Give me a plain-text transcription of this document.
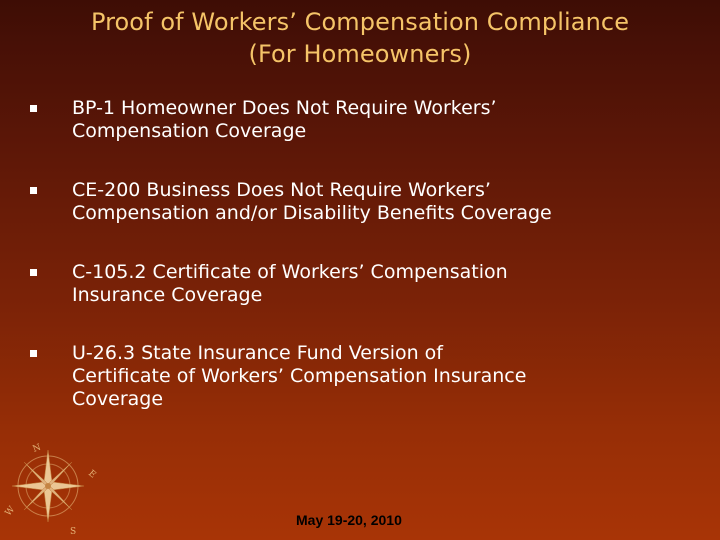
Proof of Workers’ Compensation Compliance
(For Homeowners)
BP-1 Homeowner Does Not Require Workers’
Compensation Coverage
CE-200 Business Does Not Require Workers’
Compensation and/or Disability Benefits Coverage
C-105.2 Certificate of Workers’ Compensation
Insurance Coverage
U-26.3 State Insurance Fund Version of
Certificate of Workers’ Compensation Insurance
Coverage
N
E
S
W
May 19-20, 2010
